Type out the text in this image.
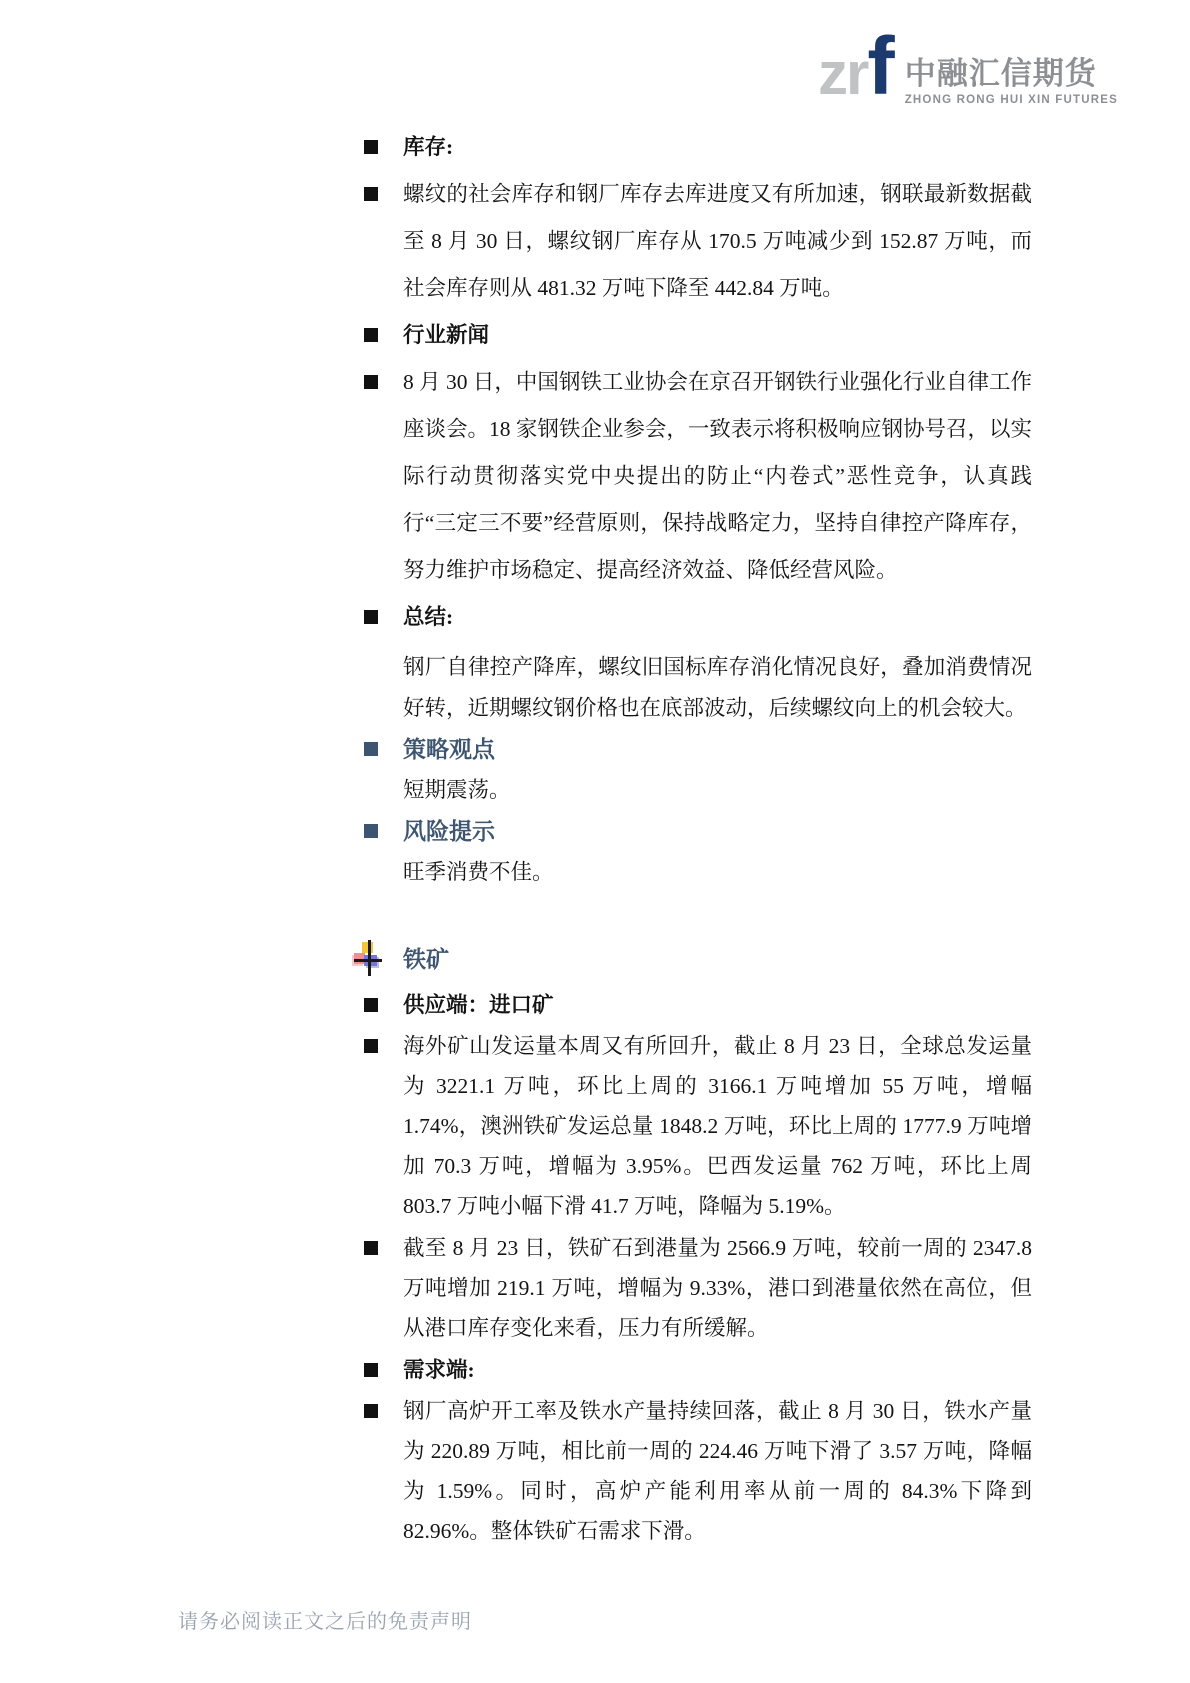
zrf 中融汇信期货
ZHONG RONG HUI XIN FUTURES
库存:
螺纹的社会库存和钢厂库存去库进度又有所加速，钢联最新数据截至 8 月 30 日，螺纹钢厂库存从 170.5 万吨减少到 152.87 万吨，而社会库存则从 481.32 万吨下降至 442.84 万吨。
行业新闻
8 月 30 日，中国钢铁工业协会在京召开钢铁行业强化行业自律工作座谈会。18 家钢铁企业参会，一致表示将积极响应钢协号召，以实际行动贯彻落实党中央提出的防止“内卷式”恶性竞争，认真践行“三定三不要”经营原则，保持战略定力，坚持自律控产降库存，努力维护市场稳定、提高经济效益、降低经营风险。
总结:
钢厂自律控产降库，螺纹旧国标库存消化情况良好，叠加消费情况好转，近期螺纹钢价格也在底部波动，后续螺纹向上的机会较大。
策略观点
短期震荡。
风险提示
旺季消费不佳。
铁矿
供应端：进口矿
海外矿山发运量本周又有所回升，截止 8 月 23 日，全球总发运量为 3221.1 万吨，环比上周的 3166.1 万吨增加 55 万吨，增幅 1.74%，澳洲铁矿发运总量 1848.2 万吨，环比上周的 1777.9 万吨增加 70.3 万吨，增幅为 3.95%。巴西发运量 762 万吨，环比上周 803.7 万吨小幅下滑 41.7 万吨，降幅为 5.19%。
截至 8 月 23 日，铁矿石到港量为 2566.9 万吨，较前一周的 2347.8 万吨增加 219.1 万吨，增幅为 9.33%，港口到港量依然在高位，但从港口库存变化来看，压力有所缓解。
需求端:
钢厂高炉开工率及铁水产量持续回落，截止 8 月 30 日，铁水产量为 220.89 万吨，相比前一周的 224.46 万吨下滑了 3.57 万吨，降幅为 1.59%。同时，高炉产能利用率从前一周的 84.3%下降到 82.96%。整体铁矿石需求下滑。
请务必阅读正文之后的免责声明
